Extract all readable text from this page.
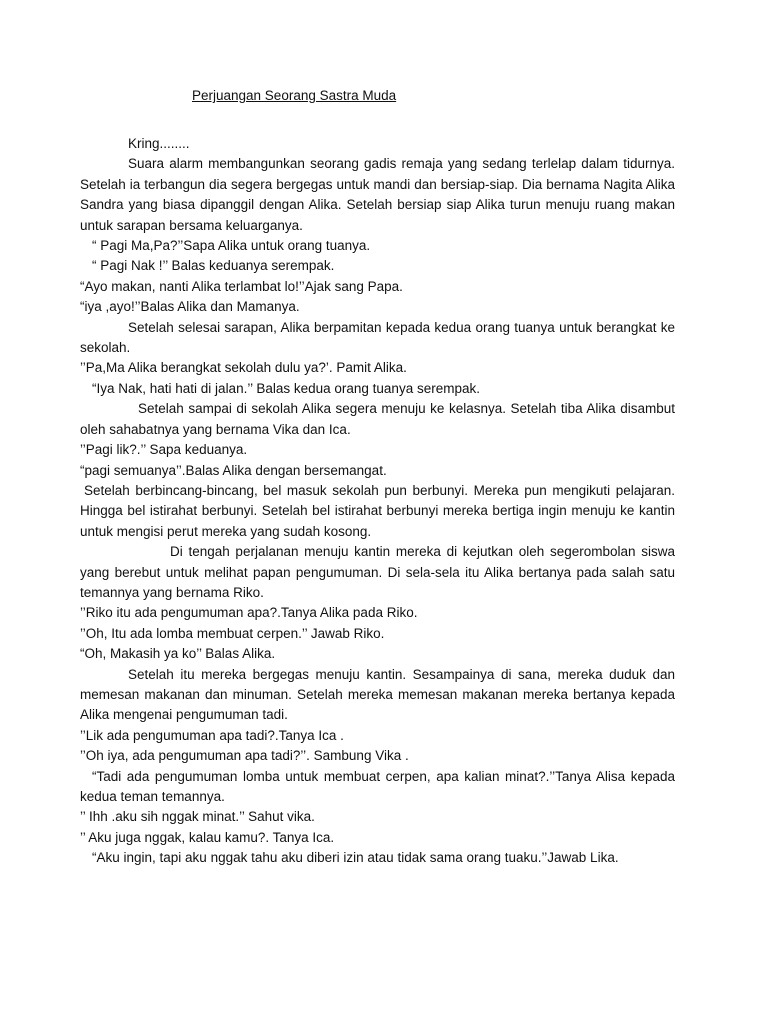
Perjuangan Seorang Sastra Muda

Kring........

Suara alarm membangunkan seorang gadis remaja yang sedang terlelap dalam tidurnya. Setelah ia terbangun dia segera bergegas untuk mandi dan bersiap-siap. Dia bernama Nagita Alika Sandra yang biasa dipanggil dengan Alika. Setelah bersiap siap Alika turun menuju ruang makan untuk sarapan bersama keluarganya.

“ Pagi Ma,Pa?’’Sapa Alika untuk orang tuanya.

“ Pagi Nak !’’ Balas keduanya serempak.

“Ayo makan, nanti Alika terlambat lo!’’Ajak sang Papa.

“iya ,ayo!’’Balas Alika dan Mamanya.

Setelah selesai sarapan, Alika berpamitan kepada kedua orang tuanya untuk berangkat ke sekolah.

’’Pa,Ma Alika berangkat sekolah dulu ya?’. Pamit Alika.

“Iya Nak, hati hati di jalan.’’ Balas kedua orang tuanya serempak.

Setelah sampai di sekolah Alika segera menuju ke kelasnya. Setelah tiba Alika disambut oleh sahabatnya yang bernama Vika dan Ica.

’’Pagi lik?.’’ Sapa keduanya.

“pagi semuanya’’.Balas Alika dengan bersemangat.

Setelah berbincang-bincang, bel masuk sekolah pun berbunyi. Mereka pun mengikuti pelajaran. Hingga bel istirahat berbunyi. Setelah bel istirahat berbunyi mereka bertiga ingin menuju ke kantin untuk mengisi perut mereka yang sudah kosong.

Di tengah perjalanan menuju kantin mereka di kejutkan oleh segerombolan siswa yang berebut untuk melihat papan pengumuman. Di sela-sela itu Alika bertanya pada salah satu temannya yang bernama Riko.

’’Riko itu ada pengumuman apa?.Tanya Alika pada Riko.

’’Oh, Itu ada lomba membuat cerpen.’’ Jawab Riko.

“Oh, Makasih ya ko’’ Balas Alika.

Setelah itu mereka bergegas menuju kantin. Sesampainya di sana, mereka duduk dan memesan makanan dan minuman. Setelah mereka memesan makanan mereka bertanya kepada Alika mengenai pengumuman tadi.

’’Lik ada pengumuman apa tadi?.Tanya Ica .

’’Oh iya, ada pengumuman apa tadi?’’. Sambung Vika .

“Tadi ada pengumuman lomba untuk membuat cerpen, apa kalian minat?.’’Tanya Alisa kepada kedua teman temannya.

’’ Ihh .aku sih nggak minat.’’ Sahut vika.

’’ Aku juga nggak, kalau kamu?. Tanya Ica.

“Aku ingin, tapi aku nggak tahu aku diberi izin atau tidak sama orang tuaku.’’Jawab Lika.
